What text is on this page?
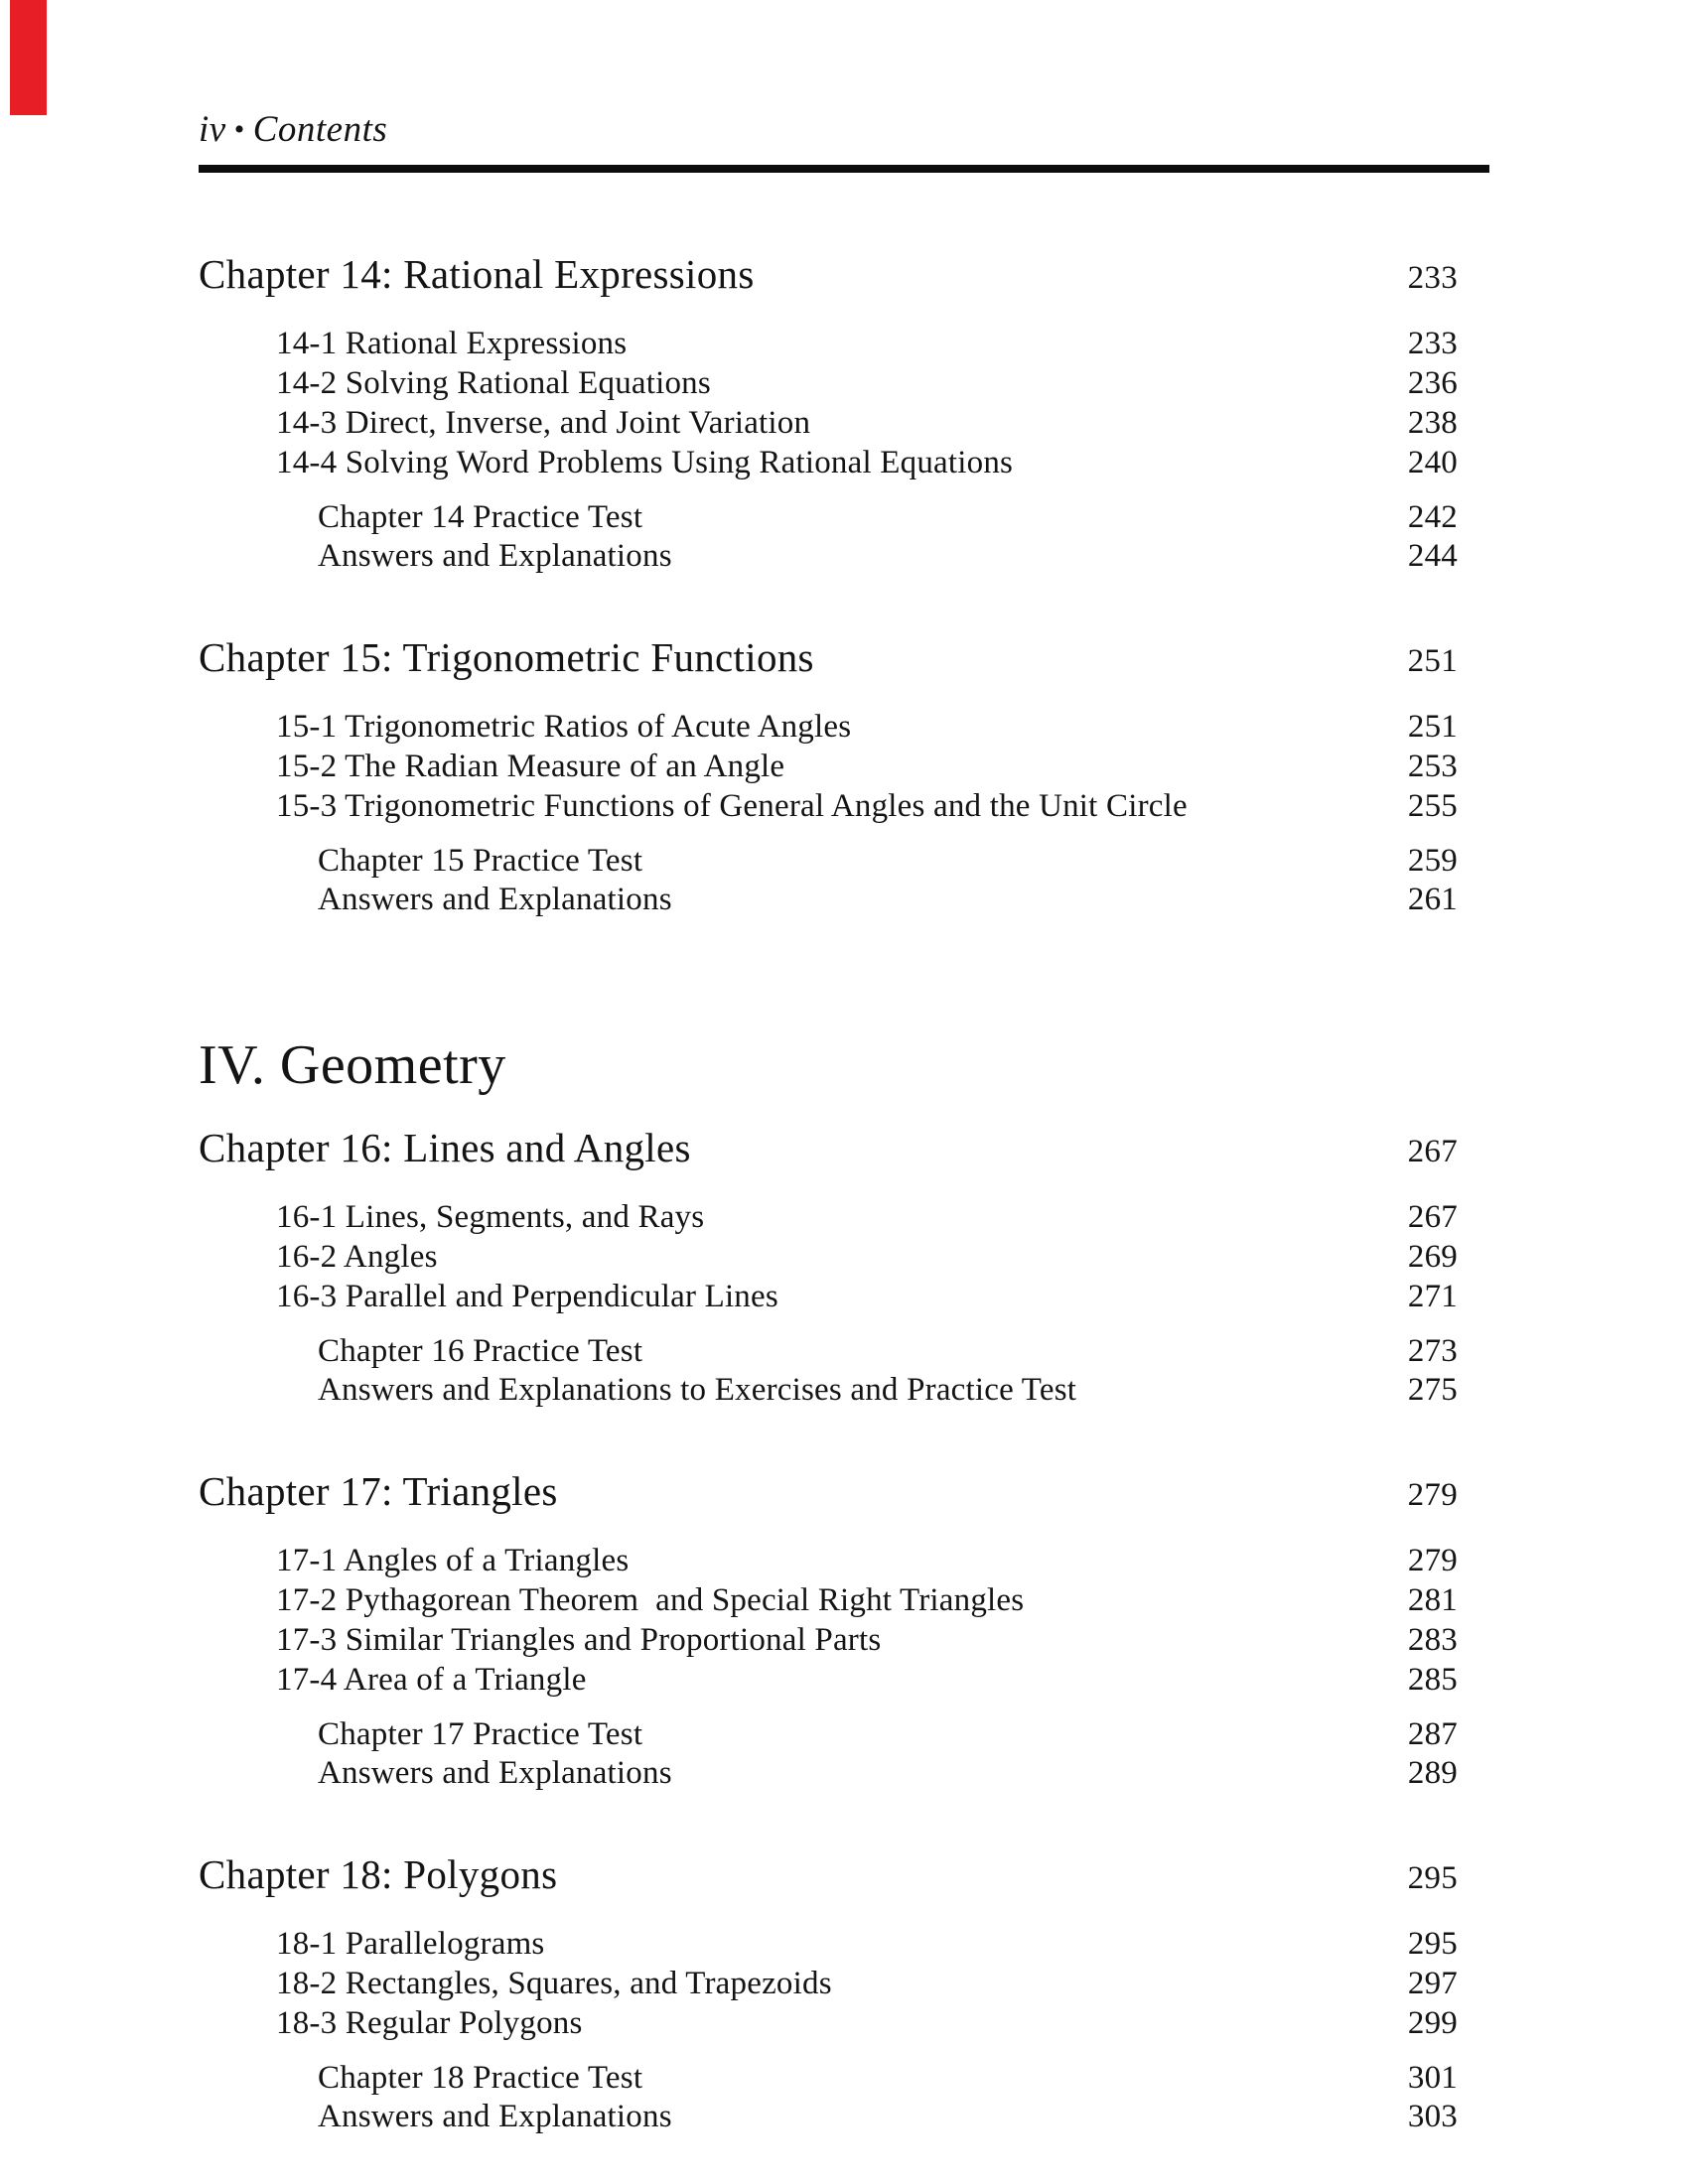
iv • Contents
Chapter 14: Rational Expressions	233
14-1 Rational Expressions	233
14-2 Solving Rational Equations	236
14-3 Direct, Inverse, and Joint Variation	238
14-4 Solving Word Problems Using Rational Equations	240
Chapter 14 Practice Test	242
Answers and Explanations	244
Chapter 15: Trigonometric Functions	251
15-1 Trigonometric Ratios of Acute Angles	251
15-2 The Radian Measure of an Angle	253
15-3 Trigonometric Functions of General Angles and the Unit Circle	255
Chapter 15 Practice Test	259
Answers and Explanations	261
IV. Geometry
Chapter 16: Lines and Angles	267
16-1 Lines, Segments, and Rays	267
16-2 Angles	269
16-3 Parallel and Perpendicular Lines	271
Chapter 16 Practice Test	273
Answers and Explanations to Exercises and Practice Test	275
Chapter 17: Triangles	279
17-1 Angles of a Triangles	279
17-2 Pythagorean Theorem  and Special Right Triangles	281
17-3 Similar Triangles and Proportional Parts	283
17-4 Area of a Triangle	285
Chapter 17 Practice Test	287
Answers and Explanations	289
Chapter 18: Polygons	295
18-1 Parallelograms	295
18-2 Rectangles, Squares, and Trapezoids	297
18-3 Regular Polygons	299
Chapter 18 Practice Test	301
Answers and Explanations	303
